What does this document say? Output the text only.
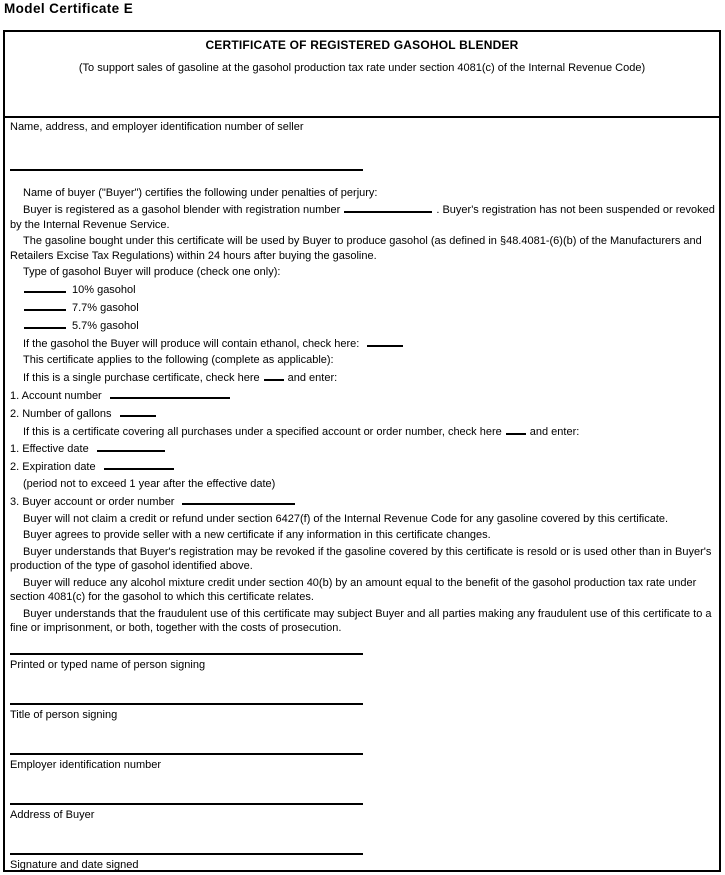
Model Certificate E
CERTIFICATE OF REGISTERED GASOHOL BLENDER
(To support sales of gasoline at the gasohol production tax rate under section 4081(c) of the Internal Revenue Code)
Name, address, and employer identification number of seller

Name of buyer ("Buyer") certifies the following under penalties of perjury:

Buyer is registered as a gasohol blender with registration number	. Buyer's registration has not been suspended or revoked by the Internal Revenue Service.

The gasoline bought under this certificate will be used by Buyer to produce gasohol (as defined in §48.4081-(6)(b) of the Manufacturers and Retailers Excise Tax Regulations) within 24 hours after buying the gasoline.

Type of gasohol Buyer will produce (check one only):

10% gasohol
7.7% gasohol
5.7% gasohol

If the gasohol the Buyer will produce will contain ethanol, check here:

This certificate applies to the following (complete as applicable):

If this is a single purchase certificate, check here	and enter:

1. Account number
2. Number of gallons

If this is a certificate covering all purchases under a specified account or order number, check here	and enter:

1. Effective date
2. Expiration date

(period not to exceed 1 year after the effective date)

3. Buyer account or order number

Buyer will not claim a credit or refund under section 6427(f) of the Internal Revenue Code for any gasoline covered by this certificate.

Buyer agrees to provide seller with a new certificate if any information in this certificate changes.

Buyer understands that Buyer's registration may be revoked if the gasoline covered by this certificate is resold or is used other than in Buyer's production of the type of gasohol identified above.

Buyer will reduce any alcohol mixture credit under section 40(b) by an amount equal to the benefit of the gasohol production tax rate under section 4081(c) for the gasohol to which this certificate relates.

Buyer understands that the fraudulent use of this certificate may subject Buyer and all parties making any fraudulent use of this certificate to a fine or imprisonment, or both, together with the costs of prosecution.

Printed or typed name of person signing
Title of person signing
Employer identification number
Address of Buyer
Signature and date signed
